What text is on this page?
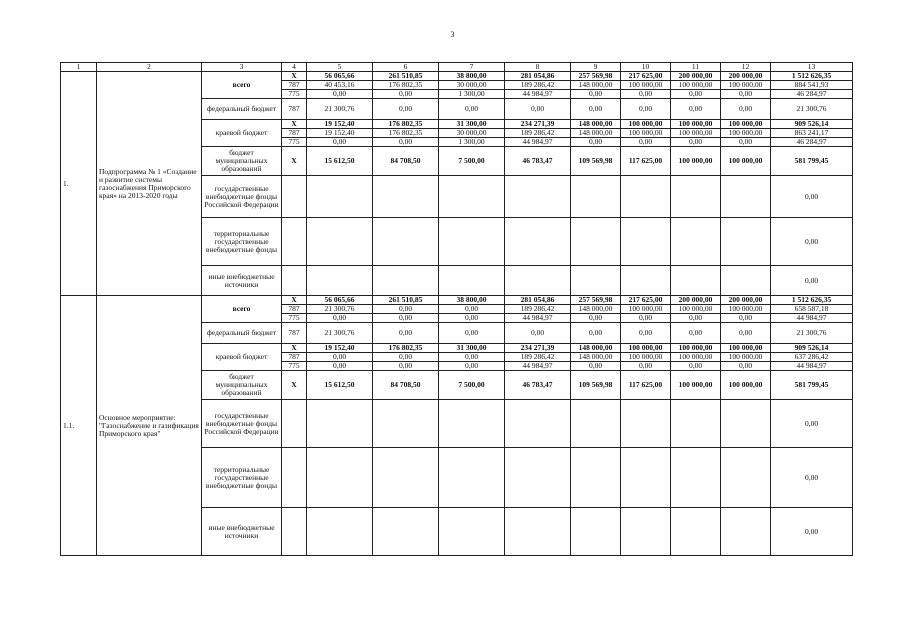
3
1	2	3	4	5	6	7	8	9	10	11	12	13
1.	Подпрограмма № 1 «Создание и развитие системы газоснабжения Приморского края» на 2013-2020 годы	всего	X	56 065,66	261 510,85	38 800,00	281 054,86	257 569,98	217 625,00	200 000,00	200 000,00	1 512 626,35
			787	40 453,16	176 802,35	30 000,00	189 286,42	148 000,00	100 000,00	100 000,00	100 000,00	884 541,93
			775	0,00	0,00	1 300,00	44 984,97	0,00	0,00	0,00	0,00	46 284,97
		федеральный бюджет	787	21 300,76	0,00	0,00	0,00	0,00	0,00	0,00	0,00	21 300,76
		краевой бюджет	X	19 152,40	176 802,35	31 300,00	234 271,39	148 000,00	100 000,00	100 000,00	100 000,00	909 526,14
			787	19 152,40	176 802,35	30 000,00	189 286,42	148 000,00	100 000,00	100 000,00	100 000,00	863 241,17
			775	0,00	0,00	1 300,00	44 984,97	0,00	0,00	0,00	0,00	46 284,97
		бюджет муниципальных образований	X	15 612,50	84 708,50	7 500,00	46 783,47	109 569,98	117 625,00	100 000,00	100 000,00	581 799,45
		государственные внебюджетные фонды Российской Федерации										0,00
		территориальные государственные внебюджетные фонды										0,00
		иные внебюджетные источники										0,00
1.1.	Основное мероприятие: "Газоснабжение и газификация Приморского края"	всего	X	56 065,66	261 510,85	38 800,00	281 054,86	257 569,98	217 625,00	200 000,00	200 000,00	1 512 626,35
			787	21 300,76	0,00	0,00	189 286,42	148 000,00	100 000,00	100 000,00	100 000,00	658 587,18
			775	0,00	0,00	0,00	44 984,97	0,00	0,00	0,00	0,00	44 984,97
		федеральный бюджет	787	21 300,76	0,00	0,00	0,00	0,00	0,00	0,00	0,00	21 300,76
		краевой бюджет	X	19 152,40	176 802,35	31 300,00	234 271,39	148 000,00	100 000,00	100 000,00	100 000,00	909 526,14
			787	0,00	0,00	0,00	189 286,42	148 000,00	100 000,00	100 000,00	100 000,00	637 286,42
			775	0,00	0,00	0,00	44 984,97	0,00	0,00	0,00	0,00	44 984,97
		бюджет муниципальных образований	X	15 612,50	84 708,50	7 500,00	46 783,47	109 569,98	117 625,00	100 000,00	100 000,00	581 799,45
		государственные внебюджетные фонды Российской Федерации										0,00
		территориальные государственные внебюджетные фонды										0,00
		иные внебюджетные источники										0,00
